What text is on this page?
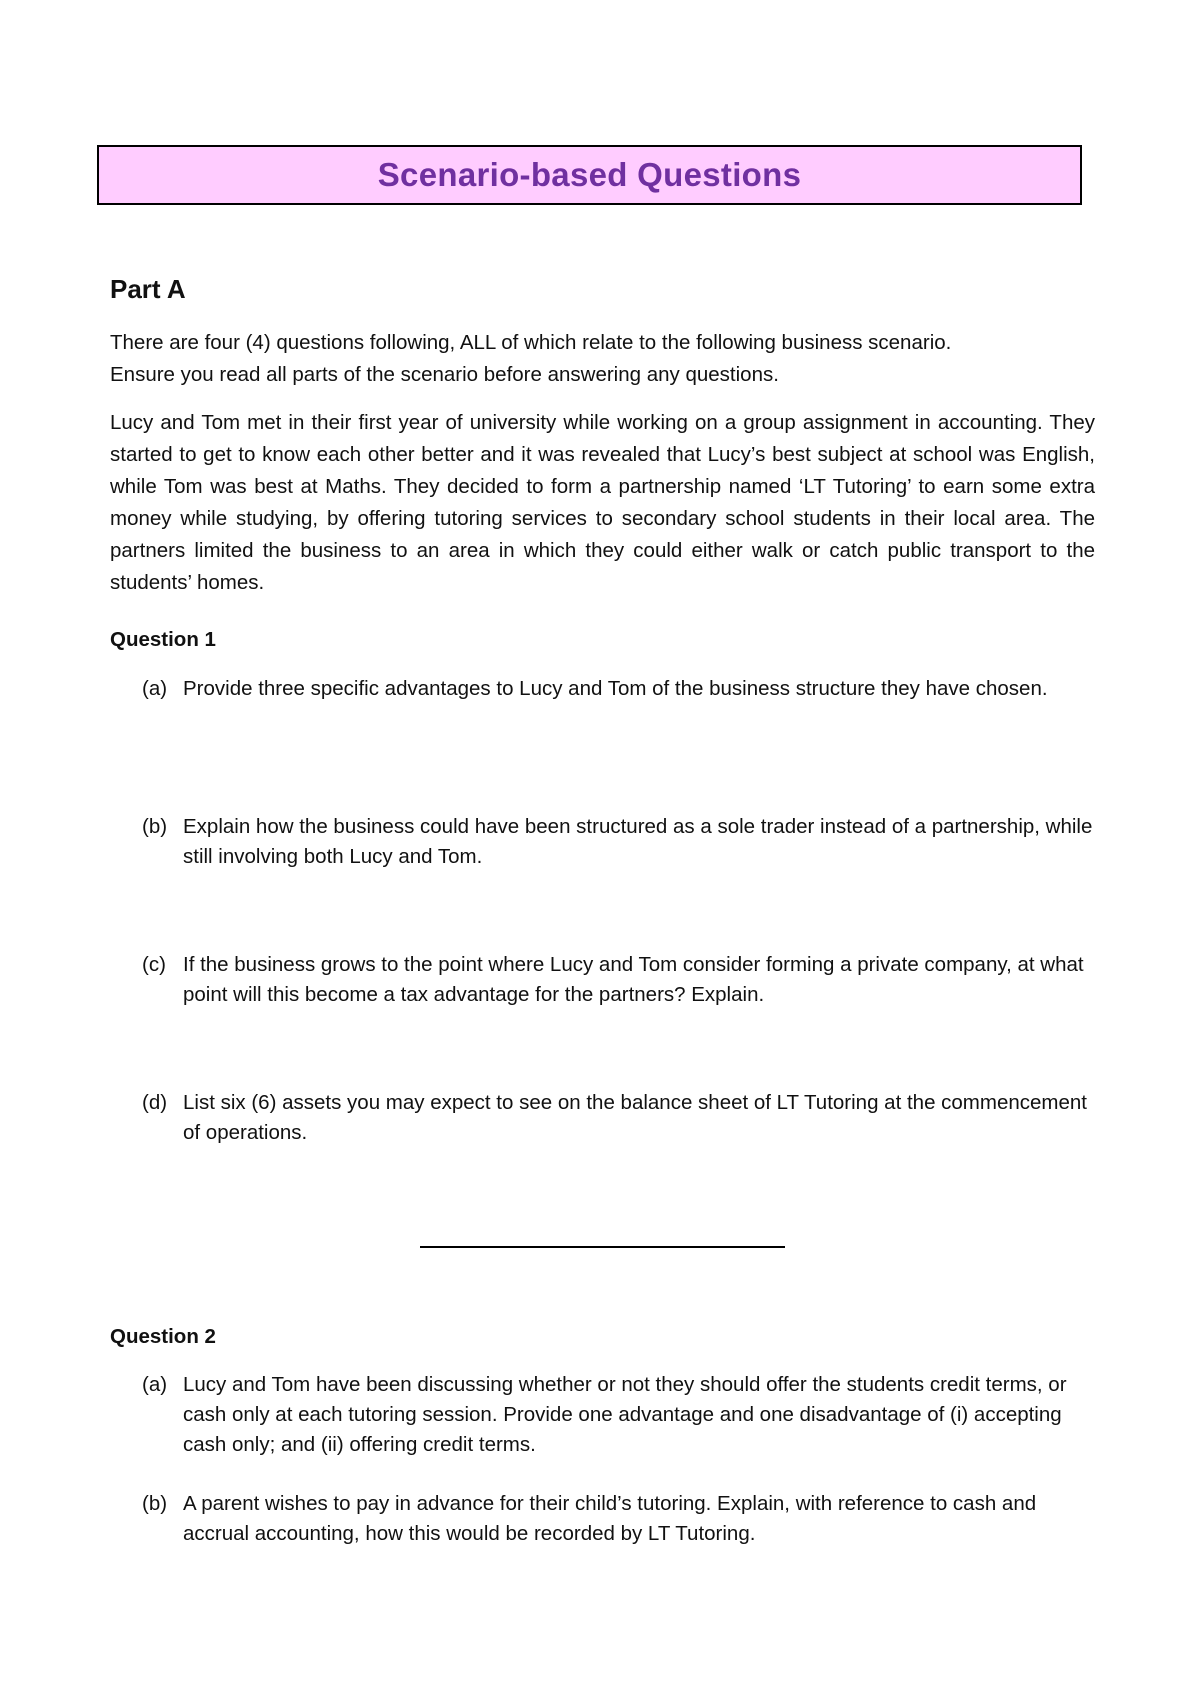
Scenario-based Questions
Part A
There are four (4) questions following, ALL of which relate to the following business scenario.
Ensure you read all parts of the scenario before answering any questions.
Lucy and Tom met in their first year of university while working on a group assignment in accounting. They started to get to know each other better and it was revealed that Lucy’s best subject at school was English, while Tom was best at Maths. They decided to form a partnership named ‘LT Tutoring’ to earn some extra money while studying, by offering tutoring services to secondary school students in their local area. The partners limited the business to an area in which they could either walk or catch public transport to the students’ homes.
Question 1
(a) Provide three specific advantages to Lucy and Tom of the business structure they have chosen.
(b) Explain how the business could have been structured as a sole trader instead of a partnership, while still involving both Lucy and Tom.
(c) If the business grows to the point where Lucy and Tom consider forming a private company, at what point will this become a tax advantage for the partners? Explain.
(d) List six (6) assets you may expect to see on the balance sheet of LT Tutoring at the commencement of operations.
Question 2
(a) Lucy and Tom have been discussing whether or not they should offer the students credit terms, or cash only at each tutoring session. Provide one advantage and one disadvantage of (i) accepting cash only; and (ii) offering credit terms.
(b) A parent wishes to pay in advance for their child’s tutoring. Explain, with reference to cash and accrual accounting, how this would be recorded by LT Tutoring.
